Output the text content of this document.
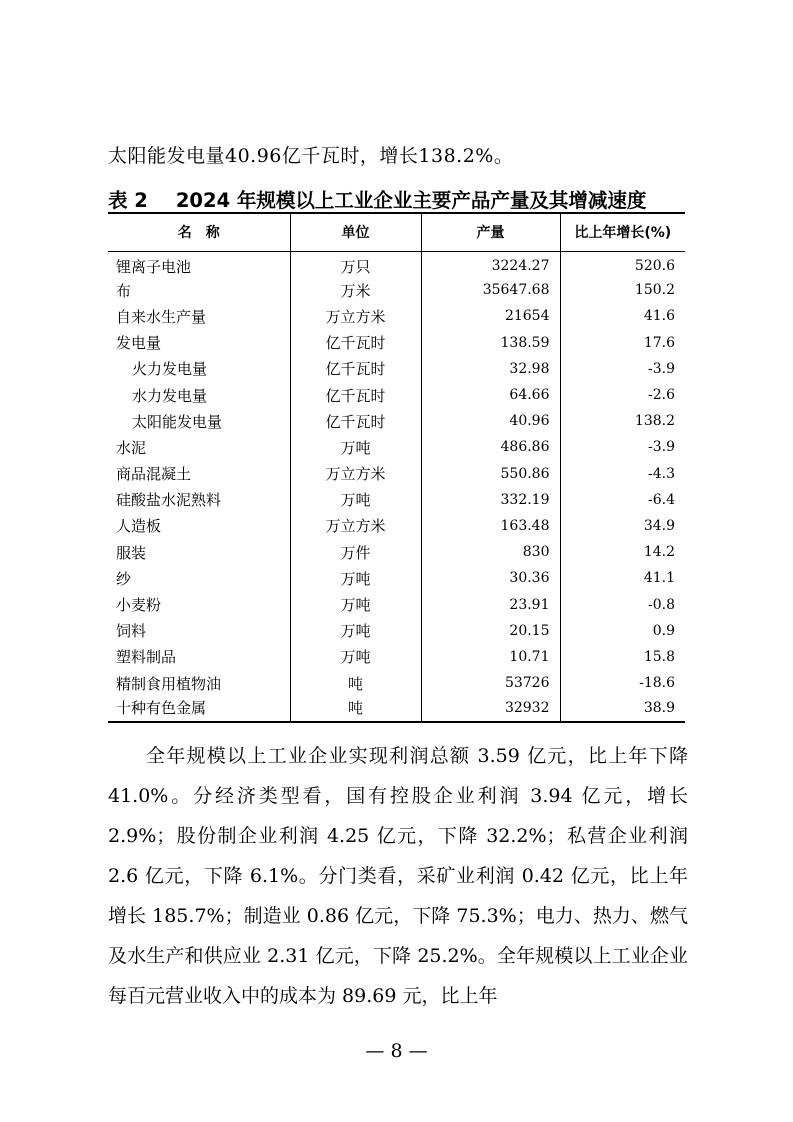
太阳能发电量40.96亿千瓦时，增长138.2%。
表 2 2024 年规模以上工业企业主要产品产量及其增减速度
名　称	单位	产量	比上年增长(%)
锂离子电池	万只	3224.27	520.6
布	万米	35647.68	150.2
自来水生产量	万立方米	21654	41.6
发电量	亿千瓦时	138.59	17.6
火力发电量	亿千瓦时	32.98	-3.9
水力发电量	亿千瓦时	64.66	-2.6
太阳能发电量	亿千瓦时	40.96	138.2
水泥	万吨	486.86	-3.9
商品混凝土	万立方米	550.86	-4.3
硅酸盐水泥熟料	万吨	332.19	-6.4
人造板	万立方米	163.48	34.9
服装	万件	830	14.2
纱	万吨	30.36	41.1
小麦粉	万吨	23.91	-0.8
饲料	万吨	20.15	0.9
塑料制品	万吨	10.71	15.8
精制食用植物油	吨	53726	-18.6
十种有色金属	吨	32932	38.9

全年规模以上工业企业实现利润总额 3.59 亿元，比上年下降 41.0%。分经济类型看，国有控股企业利润 3.94 亿元，增长 2.9%；股份制企业利润 4.25 亿元，下降 32.2%；私营企业利润 2.6 亿元，下降 6.1%。分门类看，采矿业利润 0.42 亿元，比上年增长 185.7%；制造业 0.86 亿元，下降 75.3%；电力、热力、燃气及水生产和供应业 2.31 亿元，下降 25.2%。全年规模以上工业企业每百元营业收入中的成本为 89.69 元，比上年

— 8 —
